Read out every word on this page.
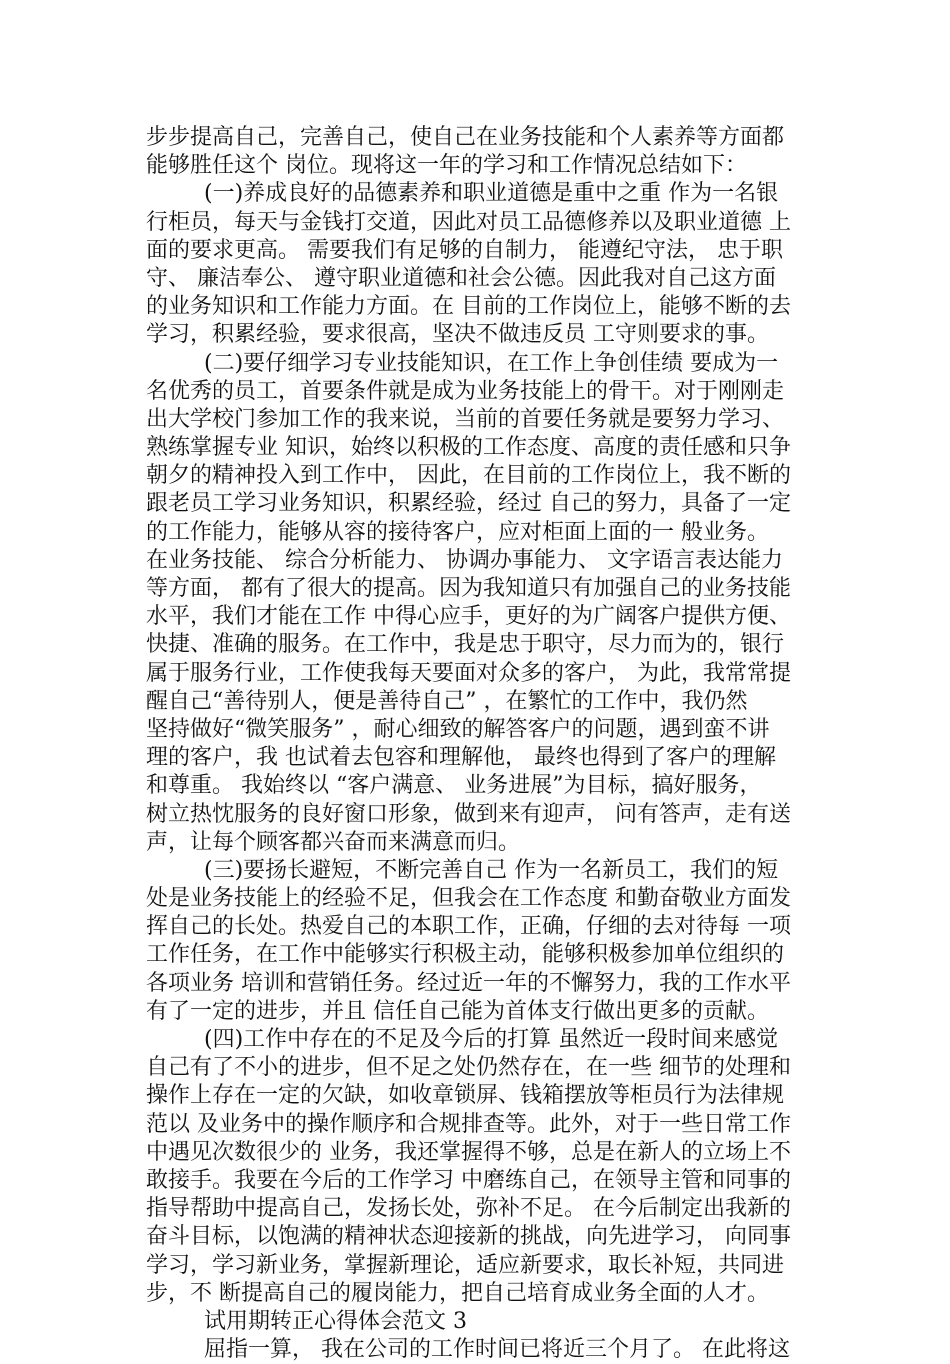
步步提高自己，完善自己，使自己在业务技能和个人素养等方面都
能够胜任这个 岗位。现将这一年的学习和工作情况总结如下：
(一)养成良好的品德素养和职业道德是重中之重 作为一名银
行柜员，每天与金钱打交道，因此对员工品德修养以及职业道德 上
面的要求更高。 需要我们有足够的自制力， 能遵纪守法， 忠于职
守、 廉洁奉公、 遵守职业道德和社会公德。因此我对自己这方面
的业务知识和工作能力方面。在 目前的工作岗位上，能够不断的去
学习，积累经验，要求很高，坚决不做违反员 工守则要求的事。
(二)要仔细学习专业技能知识，在工作上争创佳绩 要成为一
名优秀的员工，首要条件就是成为业务技能上的骨干。对于刚刚走
出大学校门参加工作的我来说，当前的首要任务就是要努力学习、
熟练掌握专业 知识，始终以积极的工作态度、高度的责任感和只争
朝夕的精神投入到工作中， 因此，在目前的工作岗位上，我不断的
跟老员工学习业务知识，积累经验，经过 自己的努力，具备了一定
的工作能力，能够从容的接待客户，应对柜面上面的一 般业务。
在业务技能、 综合分析能力、 协调办事能力、 文字语言表达能力
等方面， 都有了很大的提高。因为我知道只有加强自己的业务技能
水平，我们才能在工作 中得心应手，更好的为广阔客户提供方便、
快捷、准确的服务。在工作中，我是忠于职守，尽力而为的，银行
属于服务行业，工作使我每天要面对众多的客户， 为此，我常常提
醒自己“善待别人，便是善待自己” ，在繁忙的工作中，我仍然
坚持做好“微笑服务” ，耐心细致的解答客户的问题，遇到蛮不讲
理的客户，我 也试着去包容和理解他， 最终也得到了客户的理解
和尊重。 我始终以 “客户满意、 业务进展”为目标，搞好服务，
树立热忱服务的良好窗口形象，做到来有迎声， 问有答声，走有送
声，让每个顾客都兴奋而来满意而归。
(三)要扬长避短，不断完善自己 作为一名新员工，我们的短
处是业务技能上的经验不足，但我会在工作态度 和勤奋敬业方面发
挥自己的长处。热爱自己的本职工作，正确，仔细的去对待每 一项
工作任务，在工作中能够实行积极主动，能够积极参加单位组织的
各项业务 培训和营销任务。经过近一年的不懈努力，我的工作水平
有了一定的进步，并且 信任自己能为首体支行做出更多的贡献。
(四)工作中存在的不足及今后的打算 虽然近一段时间来感觉
自己有了不小的进步，但不足之处仍然存在，在一些 细节的处理和
操作上存在一定的欠缺，如收章锁屏、钱箱摆放等柜员行为法律规
范以 及业务中的操作顺序和合规排查等。此外，对于一些日常工作
中遇见次数很少的 业务，我还掌握得不够，总是在新人的立场上不
敢接手。我要在今后的工作学习 中磨练自己，在领导主管和同事的
指导帮助中提高自己，发扬长处，弥补不足。 在今后制定出我新的
奋斗目标，以饱满的精神状态迎接新的挑战，向先进学习， 向同事
学习，学习新业务，掌握新理论，适应新要求，取长补短，共同进
步，不 断提高自己的履岗能力，把自己培育成业务全面的人才。
试用期转正心得体会范文 3
屈指一算， 我在公司的工作时间已将近三个月了。 在此将这
